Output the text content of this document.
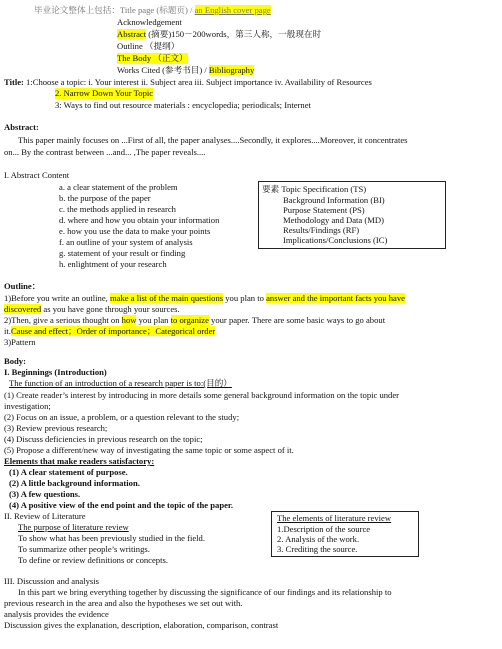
毕业论文整体上包括：Title page (标题页) / an English cover page
Acknowledgement
Abstract (摘要)150－200words，第三人称，一般现在时
Outline （提纲）
The Body （正文）
Works Cited (参考书目) / Bibliography
Title: 1:Choose a topic: i. Your interest ii. Subject area iii. Subject importance iv. Availability of Resources
2. Narrow Down Your Topic
3: Ways to find out resource materials : encyclopedia; periodicals; Internet
Abstract:
This paper mainly focuses on ...First of all, the paper analyses....Secondly, it explores....Moreover, it concentrates
on... By the contrast between ...and... ,The paper reveals....
I. Abstract Content
a. a clear statement of the problem
b. the purpose of the paper
c. the methods applied in research
d. where and how you obtain your information
e. how you use the data to make your points
f. an outline of your system of analysis
g. statement of your result or finding
h. enlightment of your research
要素 Topic Specification (TS)
Background Information (BI)
Purpose Statement (PS)
Methodology and Data (MD)
Results/Findings (RF)
Implications/Conclusions (IC)
Outline：
1)Before you write an outline, make a list of the main questions you plan to answer and the important facts you have
discovered as you have gone through your sources.
2)Then, give a serious thought on how you plan to organize your paper. There are some basic ways to go about
it.Cause and effect；Order of importance；Categorical order
3)Pattern
Body:
I. Beginnings (Introduction)
The function of an introduction of a research paper is to:(目的）
(1) Create reader’s interest by introducing in more details some general background information on the topic under
investigation;
(2) Focus on an issue, a problem, or a question relevant to the study;
(3) Review previous research;
(4) Discuss deficiencies in previous research on the topic;
(5) Propose a different/new way of investigating the same topic or some aspect of it.
Elements that make readers satisfactory:
(1) A clear statement of purpose.
(2) A little background information.
(3) A few questions.
(4) A positive view of the end point and the topic of the paper.
II. Review of Literature
The purpose of literature review
To show what has been previously studied in the field.
To summarize other people’s writings.
To define or review definitions or concepts.
The elements of literature review
1.Description of the source
2. Analysis of the work.
3. Crediting the source.
III. Discussion and analysis
In this part we bring everything together by discussing the significance of our findings and its relationship to
previous research in the area and also the hypotheses we set out with.
analysis provides the evidence
Discussion gives the explanation, description, elaboration, comparison, contrast
